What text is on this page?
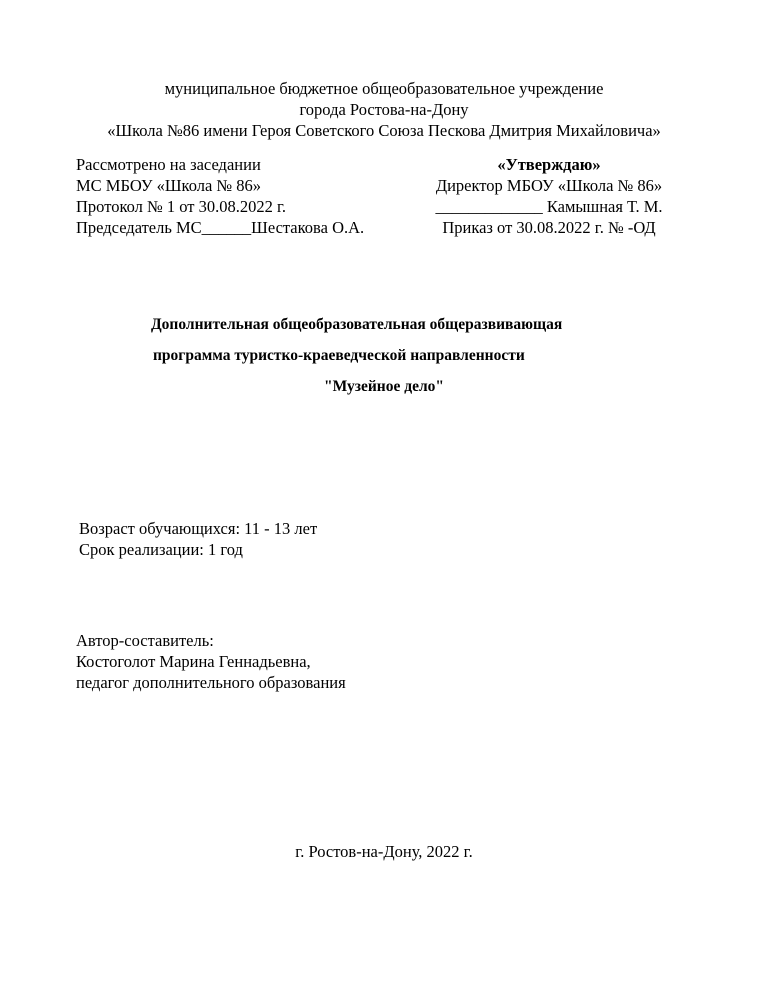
муниципальное бюджетное общеобразовательное учреждение
города Ростова-на-Дону
«Школа №86 имени Героя Советского Союза Пескова Дмитрия Михайловича»
Рассмотрено на заседании
МС МБОУ «Школа № 86»
Протокол № 1 от 30.08.2022 г.
Председатель МС______Шестакова О.А.
«Утверждаю»
Директор МБОУ «Школа № 86»
_____________ Камышная Т. М.
Приказ от 30.08.2022 г. № -ОД
Дополнительная общеобразовательная общеразвивающая
программа туристко-краеведческой направленности
"Музейное дело"
Возраст обучающихся: 11 - 13 лет
Срок реализации: 1 год
Автор-составитель:
Костоголот Марина Геннадьевна,
педагог дополнительного образования
г. Ростов-на-Дону, 2022 г.
